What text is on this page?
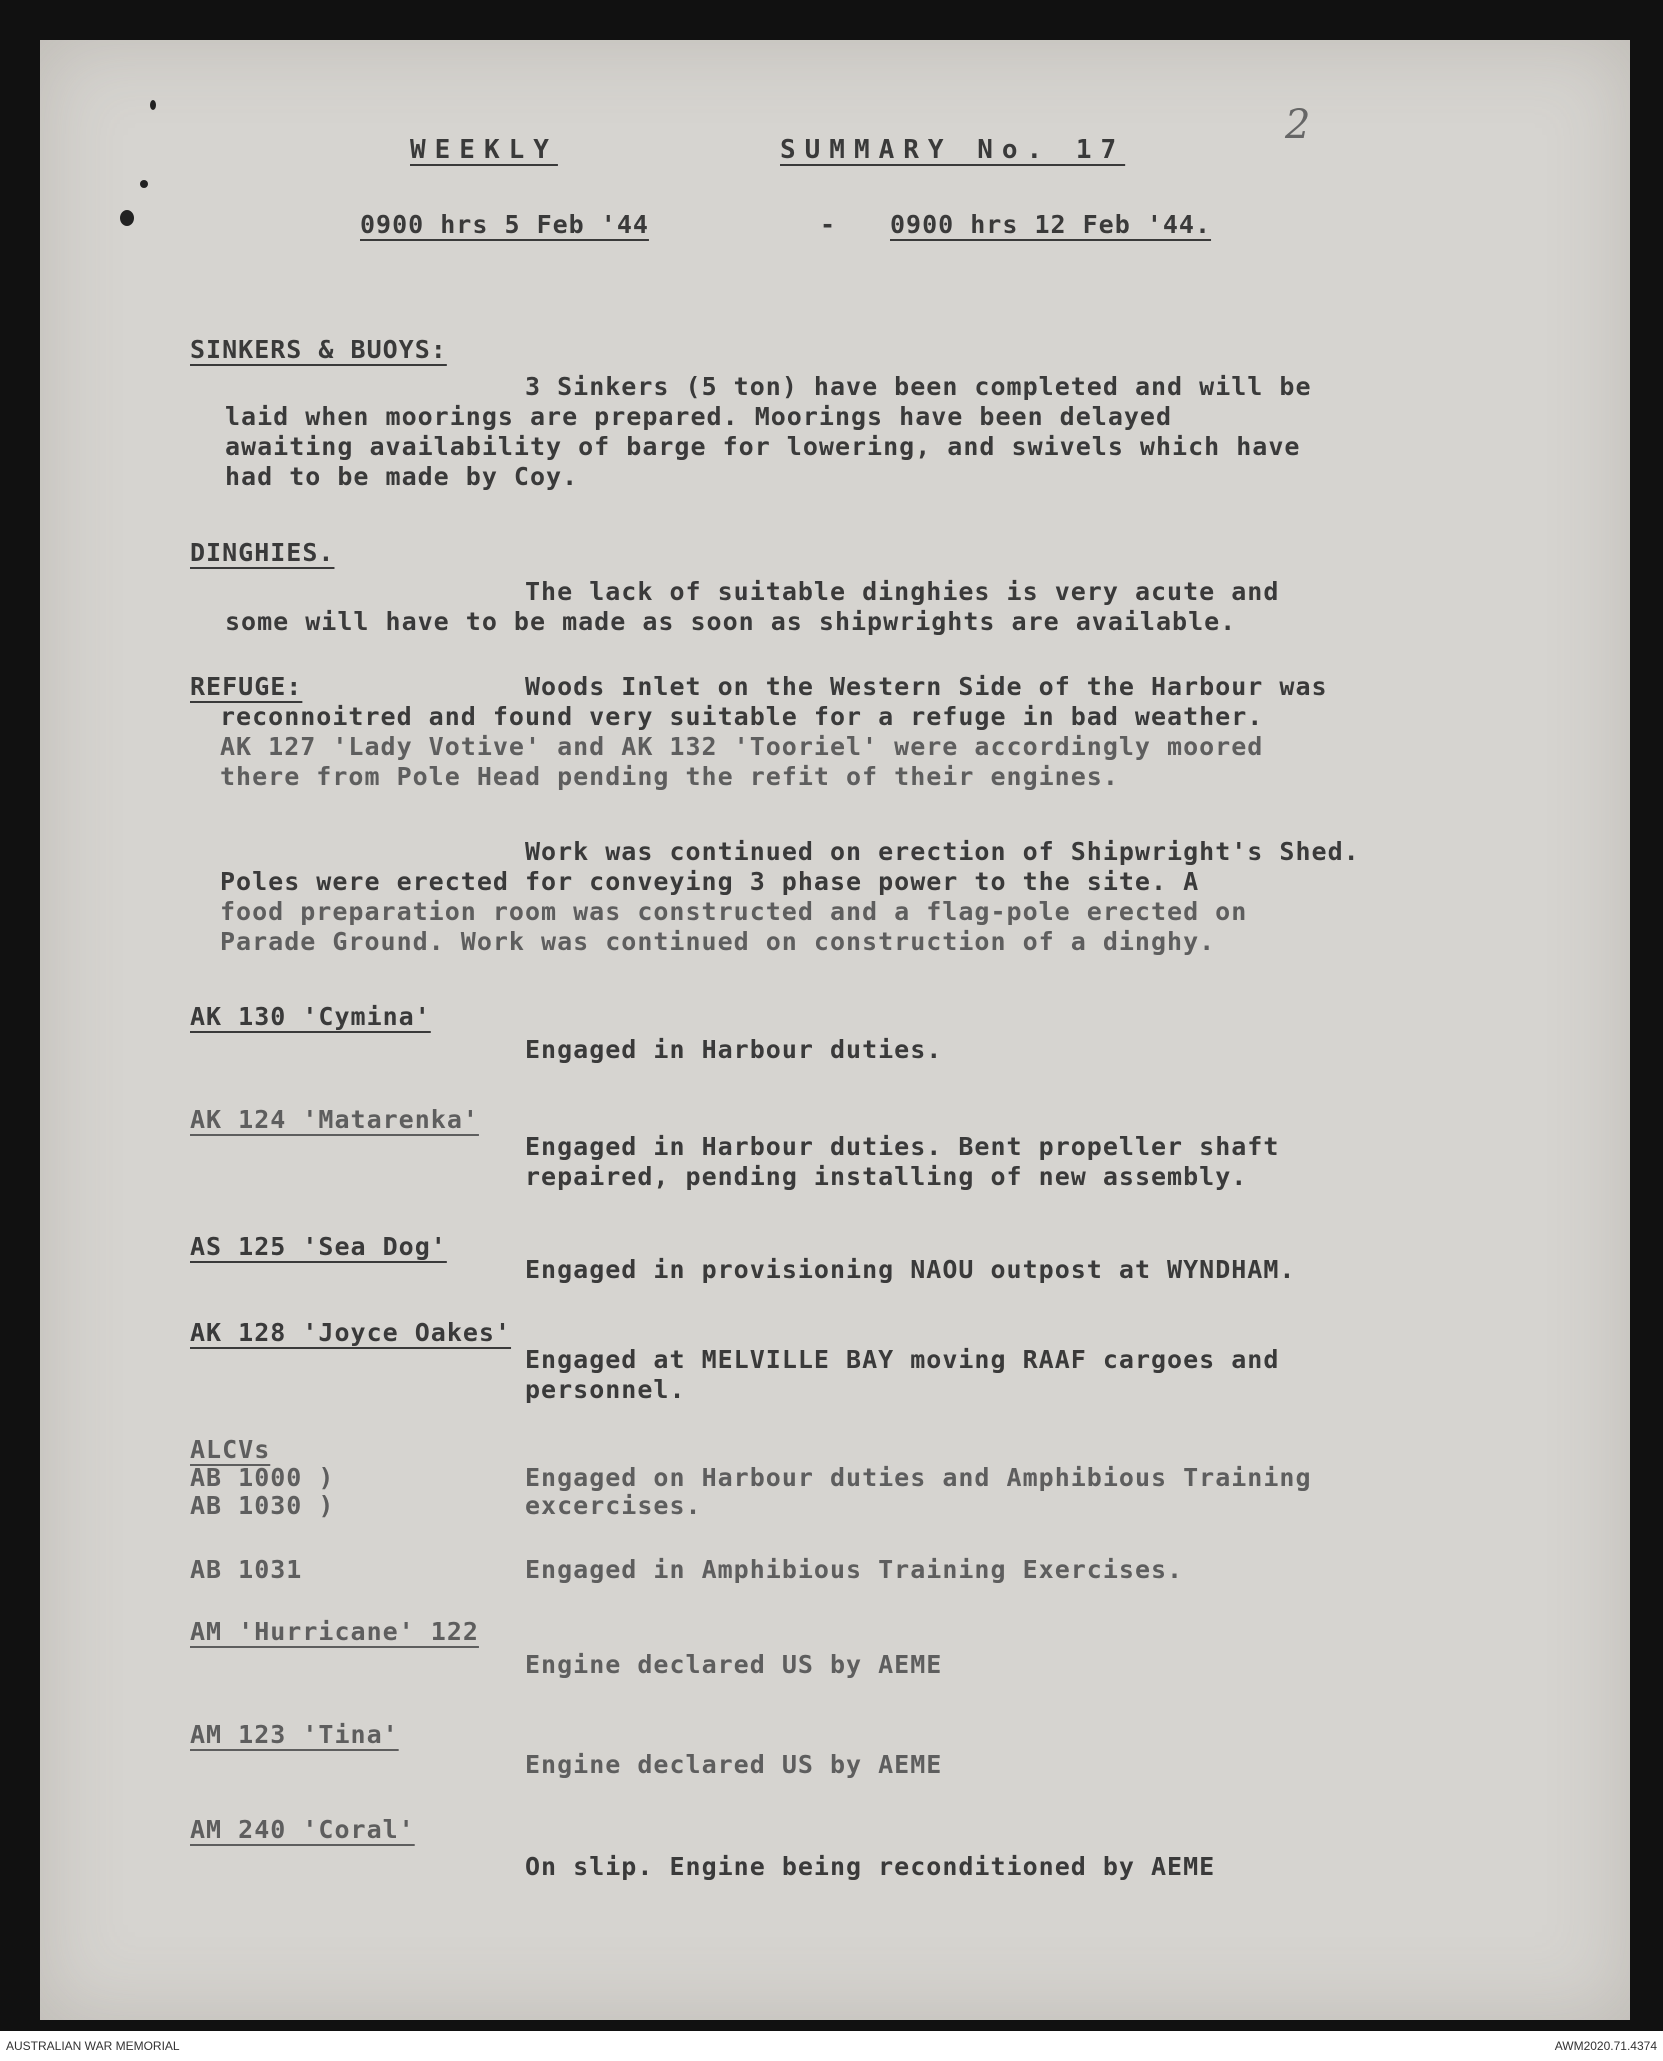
2
WEEKLY	SUMMARY No. 17
0900 hrs 5 Feb '44	- 0900 hrs 12 Feb '44.
SINKERS & BUOYS:
3 Sinkers (5 ton) have been completed and will be
laid when moorings are prepared. Moorings have been delayed
awaiting availability of barge for lowering, and swivels which have
had to be made by Coy.
DINGHIES.
The lack of suitable dinghies is very acute and
some will have to be made as soon as shipwrights are available.
REFUGE:	Woods Inlet on the Western Side of the Harbour was
reconnoitred and found very suitable for a refuge in bad weather.
AK 127 'Lady Votive' and AK 132 'Tooriel' were accordingly moored
there from Pole Head pending the refit of their engines.
Work was continued on erection of Shipwright's Shed.
Poles were erected for conveying 3 phase power to the site. A
food preparation room was constructed and a flag-pole erected on
Parade Ground. Work was continued on construction of a dinghy.
AK 130 'Cymina'
Engaged in Harbour duties.
AK 124 'Matarenka'
Engaged in Harbour duties. Bent propeller shaft
repaired, pending installing of new assembly.
AS 125 'Sea Dog'
Engaged in provisioning NAOU outpost at WYNDHAM.
AK 128 'Joyce Oakes'
Engaged at MELVILLE BAY moving RAAF cargoes and
personnel.
ALCVs
AB 1000 )
AB 1030 )
Engaged on Harbour duties and Amphibious Training
excercises.
AB 1031	Engaged in Amphibious Training Exercises.
AM 'Hurricane' 122
Engine declared US by AEME
AM 123 'Tina'
Engine declared US by AEME
AM 240 'Coral'
On slip. Engine being reconditioned by AEME
AUSTRALIAN WAR MEMORIAL	AWM2020.71.4374
